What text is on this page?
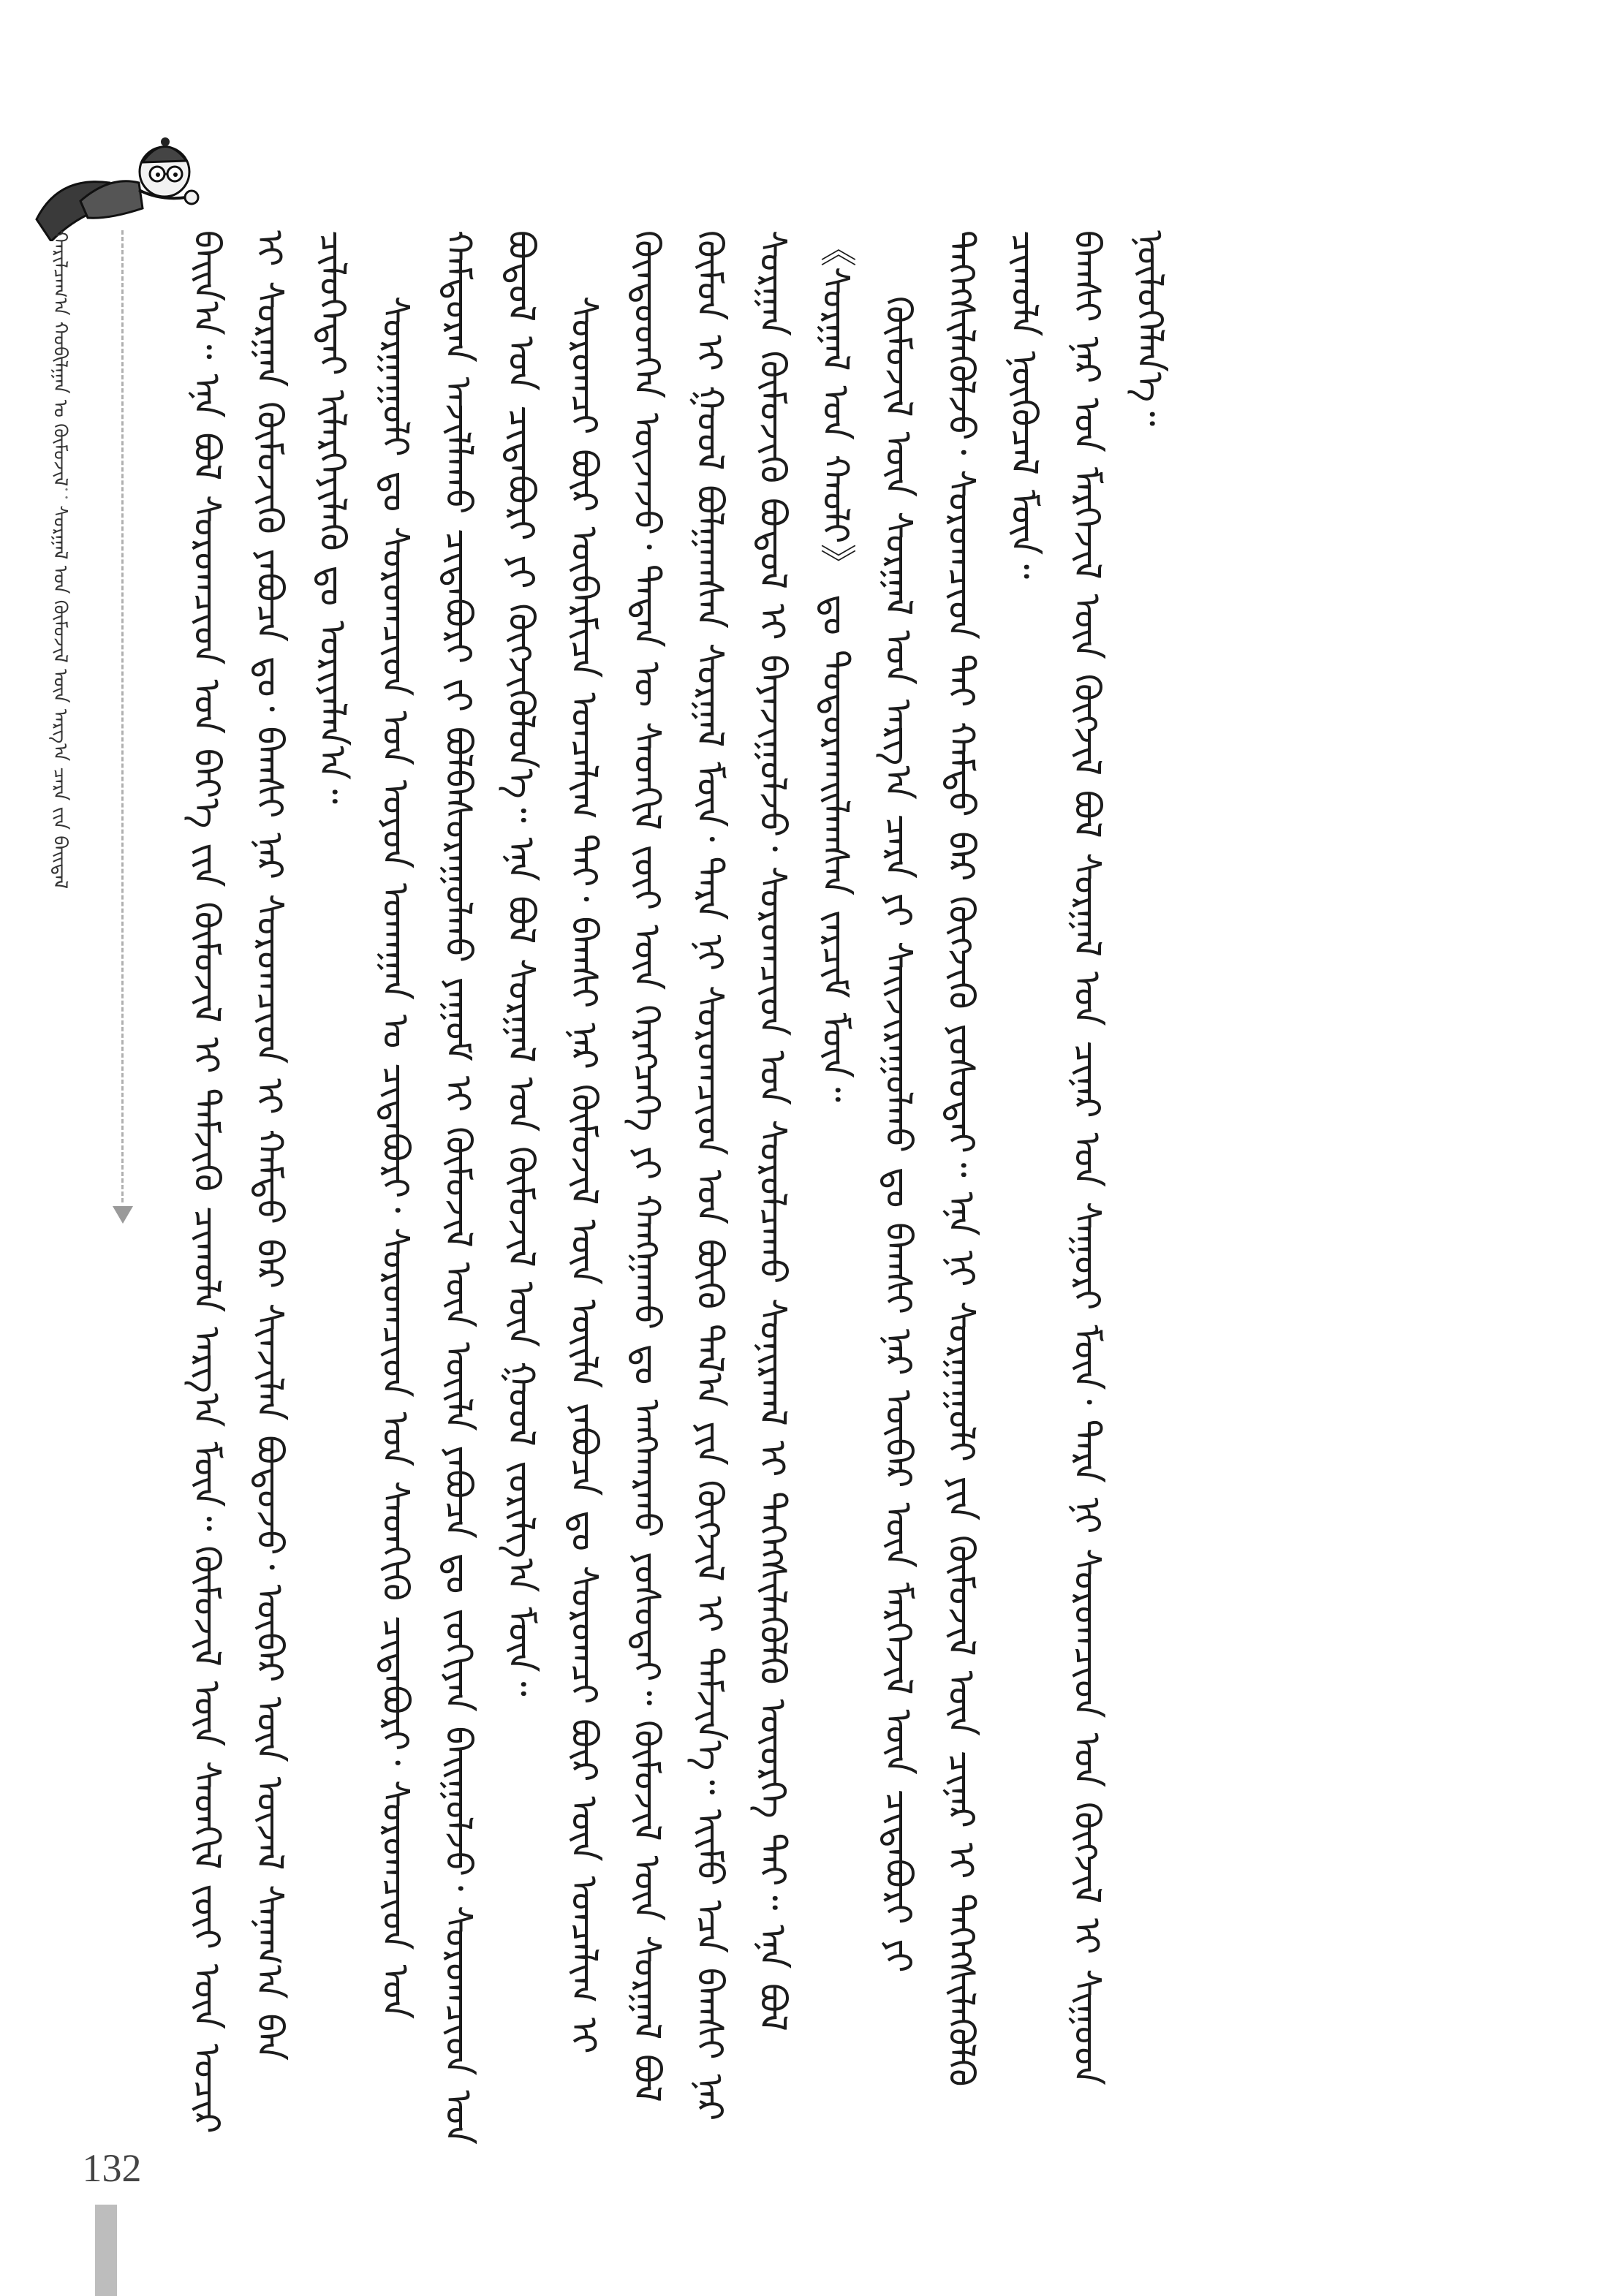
ᠬᠠᠷᠢᠯᠴᠠᠭ᠎ᠠ ᠬᠤᠪᠢᠯᠭᠠᠨ ᠤ ᠬᠦᠮᠦᠵᠢᠯ：ᠰᠤᠷᠭᠠᠯ ᠤᠨ ᠬᠦᠮᠦᠵᠢᠯ ᠦᠨ ᠠᠷᠭ᠎ᠠ ᠴᠠᠷᠠ ᠵᠢᠨ ᠪᠠᠢᠳᠠᠯ	ᠪᠠᠢᠨ᠎ᠠ᠃ ᠡᠨᠡ ᠪᠣᠯ ᠰᠤᠷᠤᠭᠴᠢᠳ ᠤᠨ ᠪᠡᠶ᠎ᠡ ᠵᠢᠨ ᠬᠦᠮᠦᠵᠢᠯ ᠢ ᠳᠡᠮᠵᠢᠬᠦ ᠴᠢᠬᠤᠯᠠ ᠠᠷᠭ᠎ᠠ ᠮᠦᠨ᠃ ᠬᠦᠮᠦᠵᠢᠯ ᠦᠨ ᠰᠡᠳᠬᠢᠯ ᠵᠦᠢ ᠦᠨ ᠤᠴᠢᠷ ᠢ ᠰᠤᠷᠭᠠᠨ ᠬᠦᠮᠦᠵᠢᠬᠦ ᠶᠠᠪᠤᠴᠠ ᠳᠤ᠂ ᠪᠠᠭᠰᠢ ᠨᠠᠷ ᠰᠤᠷᠤᠭᠴᠢᠳ ᠢ ᠬᠠᠮᠲᠤ ᠪᠡᠷ ᠰᠢᠨᠵᠢᠯᠡᠨ ᠪᠣᠳᠤᠵᠤ᠂ ᠦᠪᠡᠷ ᠦᠨ ᠦᠵᠡᠯ ᠰᠠᠨᠠᠭ᠎ᠠ ᠪᠡᠨ ᠴᠢᠯᠦᠭᠡᠳᠡᠢ ᠢᠯᠡᠷᠬᠡᠶᠢᠯᠡᠬᠦ ᠳᠤ ᠤᠷᠢᠶᠠᠯᠠᠨ᠎ᠠ᠃ ᠰᠤᠷᠭᠠᠭᠤᠯᠢ ᠳᠤ ᠰᠤᠷᠤᠭᠴᠢᠳ ᠤᠨ ᠤᠶᠤᠨ ᠤᠬᠠᠭᠠᠨ ᠤ ᠴᠢᠳᠠᠪᠤᠷᠢ᠂ ᠰᠤᠷᠤᠭᠴᠢᠳ ᠤᠨ ᠰᠡᠳᠬᠢᠬᠦ ᠴᠢᠳᠠᠪᠤᠷᠢ᠂ ᠰᠤᠷᠤᠭᠴᠢᠳ ᠤᠨ ᠬᠠᠮᠲᠤᠷᠠᠨ ᠠᠵᠢᠯᠯᠠᠬᠤ ᠴᠢᠳᠠᠪᠤᠷᠢ ᠵᠢ ᠪᠣᠯᠪᠠᠰᠤᠷᠠᠭᠤᠯᠬᠤ ᠶᠠᠭᠤᠮ ᠢ ᠬᠦᠮᠦᠵᠢᠯ ᠦᠨ ᠦᠢᠯᠡ ᠶᠠᠪᠤᠴᠠ ᠳᠤ ᠵᠣᠬᠢᠶᠠᠨ ᠪᠠᠢᠭᠤᠯᠵᠤ᠂ ᠰᠤᠷᠤᠭᠴᠢᠳ ᠤᠨ ᠪᠣᠳᠤᠯ ᠤᠨ ᠴᠢᠳᠠᠪᠤᠷᠢ ᠶᠢ ᠬᠦᠭᠵᠢᠭᠦᠯᠦᠨ᠎ᠡ᠃ ᠡᠨᠡ ᠪᠣᠯ ᠰᠤᠷᠭᠠᠯ ᠤᠨ ᠬᠦᠮᠦᠵᠢᠯ ᠦᠨ ᠭᠣᠣᠯ ᠵᠣᠷᠢᠯᠭ᠎ᠠ ᠮᠦᠨ᠃ ᠰᠤᠷᠤᠭᠴᠢ ᠪᠦᠷ ᠦᠪᠡᠷᠮᠢᠴᠡ ᠣᠨᠴᠠᠯᠢᠭ ᠲᠠᠢ᠂ ᠪᠠᠭᠰᠢ ᠨᠠᠷ ᠬᠦᠮᠦᠵᠢᠯ ᠦᠨ ᠦᠢᠯᠡ ᠶᠠᠪᠤᠴᠠ ᠳᠤ ᠰᠤᠷᠤᠭᠴᠢ ᠪᠦᠷ ᠦᠨ ᠣᠨᠴᠠᠯᠢᠭ ᠢ ᠬᠦᠨᠳᠦᠳᠬᠡᠨ ᠦᠵᠡᠵᠦ᠂ ᠲᠡᠳᠡᠨ ᠦ ᠰᠡᠳᠬᠢᠯ ᠵᠦᠢ ᠦᠨ ᠬᠡᠷᠡᠭᠴᠡᠭᠡ ᠶᠢ ᠬᠠᠩᠭᠠᠬᠤ ᠳᠤ ᠠᠩᠬᠠᠷᠬᠤ ᠶᠤᠰᠤᠲᠠᠢ᠃ ᠬᠦᠮᠦᠵᠢᠯ ᠦᠨ ᠰᠤᠷᠭᠠᠯ ᠪᠣᠯ ᠬᠦᠮᠦᠨ ᠢ ᠭᠣᠣᠯ ᠪᠣᠯᠭᠠᠭᠰᠠᠨ ᠰᠤᠷᠭᠠᠯ ᠮᠦᠨ᠂ ᠲᠡᠷᠡ ᠨᠢ ᠰᠤᠷᠤᠭᠴᠢᠳ ᠤᠨ ᠪᠦᠬᠦ ᠲᠠᠯ᠎ᠠ ᠶᠢᠨ ᠬᠦᠭᠵᠢᠯ ᠢ ᠳᠡᠮᠵᠢᠨ᠎ᠡ᠃ ᠢᠢᠮᠦ ᠡᠴᠡ ᠪᠠᠭᠰᠢ ᠨᠠᠷ ᠰᠤᠷᠭᠠᠨ ᠬᠦᠮᠦᠵᠢᠬᠦ ᠪᠣᠳᠤᠯ ᠢ ᠪᠠᠶᠠᠵᠢᠭᠤᠯᠵᠤ᠂ ᠰᠤᠷᠤᠭᠴᠢᠳ ᠤᠨ ᠰᠤᠷᠤᠯᠴᠠᠬᠤ ᠰᠣᠨᠢᠷᠬᠠᠯ ᠢ ᠳᠡᠭᠡᠭᠰᠢᠯᠡᠭᠦᠯᠬᠦ ᠦᠦᠷᠭᠡ ᠲᠠᠢ᠃ ᠡᠨᠡ ᠪᠣᠯ 《ᠰᠤᠷᠭᠠᠯ ᠤᠨ ᠬᠠᠤᠯᠢ》 ᠳᠤ ᠲᠣᠳᠣᠷᠬᠠᠢᠯᠠᠭᠰᠠᠨ ᠵᠠᠷᠴᠢᠮ ᠮᠦᠨ᠃ ᠬᠦᠮᠦᠵᠢᠯ ᠦᠨ ᠰᠤᠷᠭᠠᠯ ᠤᠨ ᠠᠷᠭ᠎ᠠ ᠴᠠᠷᠠ ᠶᠢ ᠰᠠᠢᠵᠢᠷᠠᠭᠤᠯᠬᠤ ᠳᠤ ᠪᠠᠭᠰᠢ ᠨᠠᠷ ᠦᠪᠡᠷ ᠦᠨ ᠮᠡᠷᠭᠡᠵᠢᠯ ᠦᠨ ᠴᠢᠳᠠᠪᠤᠷᠢ ᠶᠢ ᠳᠡᠭᠡᠭᠰᠢᠯᠡᠭᠦᠯᠵᠦ᠂ ᠰᠤᠷᠤᠭᠴᠢᠳ ᠲᠠᠢ ᠬᠠᠮᠲᠤ ᠪᠡᠷ ᠬᠦᠭᠵᠢᠬᠦ ᠶᠤᠰᠤᠲᠠᠢ᠃ ᠡᠨᠡ ᠨᠢ ᠰᠤᠷᠭᠠᠭᠤᠯᠢ ᠶᠢᠨ ᠬᠦᠮᠦᠵᠢᠯ ᠦᠨ ᠴᠢᠨᠠᠷ ᠢ ᠳᠡᠭᠡᠭᠰᠢᠯᠡᠭᠦᠯᠬᠦ ᠴᠢᠬᠤᠯᠠ ᠨᠦᠬᠦᠴᠡᠯ ᠮᠦᠨ᠃ ᠪᠠᠭᠰᠢ ᠨᠠᠷ ᠤᠨ ᠮᠡᠷᠭᠡᠵᠢᠯ ᠦᠨ ᠬᠦᠭᠵᠢᠯ ᠪᠣᠯ ᠰᠤᠷᠭᠠᠯ ᠤᠨ ᠴᠢᠨᠠᠷ ᠤᠨ ᠰᠠᠭᠤᠷᠢ ᠮᠦᠨ᠂ ᠲᠡᠷᠡ ᠨᠢ ᠰᠤᠷᠤᠭᠴᠢᠳ ᠤᠨ ᠬᠦᠭᠵᠢᠯ ᠢ ᠰᠢᠭᠤᠳ ᠨᠥᠯᠦᠭᠡᠯᠡᠨ᠎ᠡ᠃

132
